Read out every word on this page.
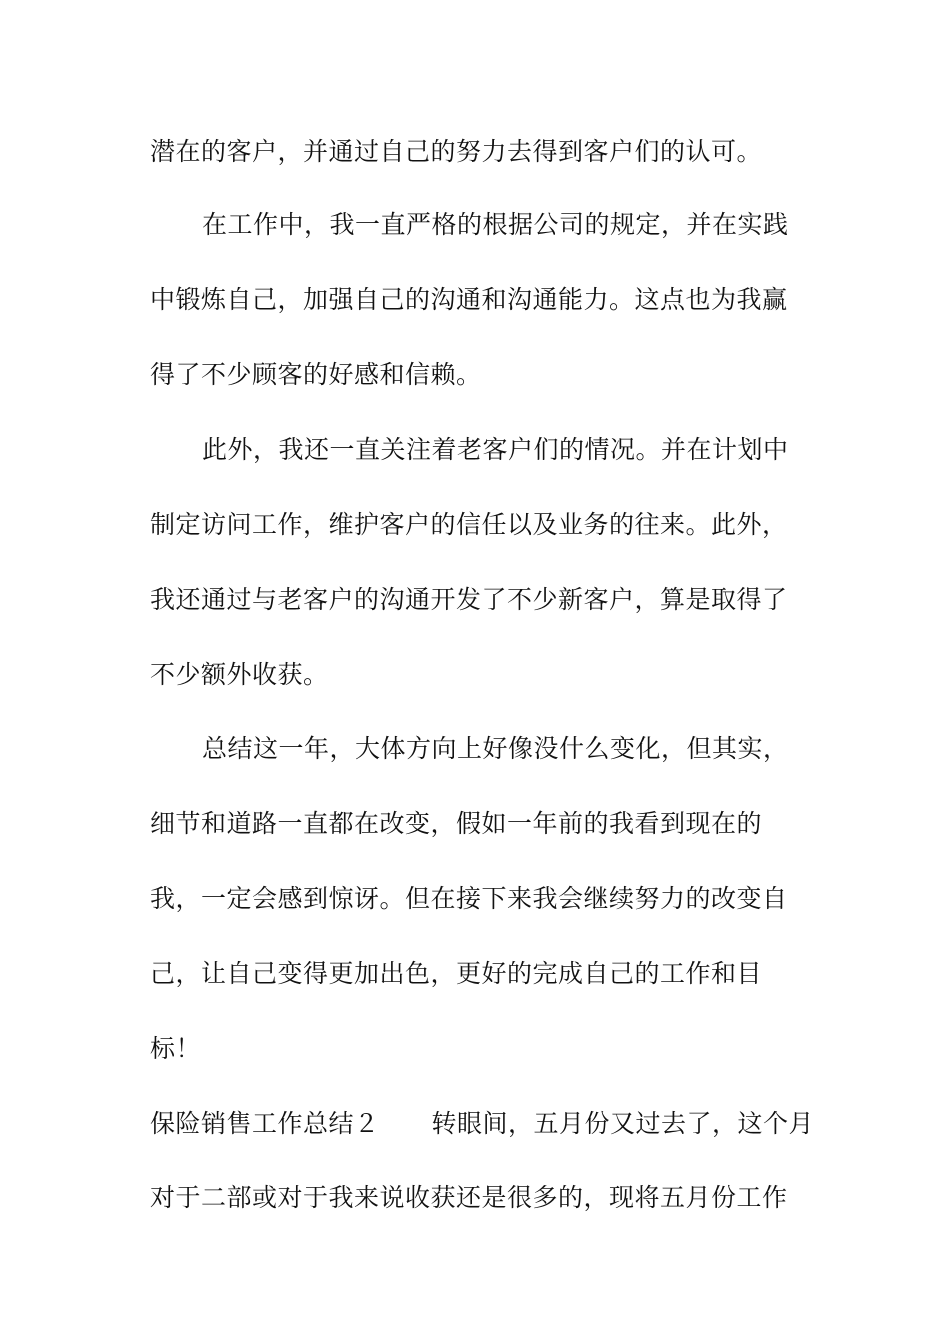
潜在的客户，并通过自己的努力去得到客户们的认可。
在工作中，我一直严格的根据公司的规定，并在实践
中锻炼自己，加强自己的沟通和沟通能力。这点也为我赢
得了不少顾客的好感和信赖。
此外，我还一直关注着老客户们的情况。并在计划中
制定访问工作，维护客户的信任以及业务的往来。此外，
我还通过与老客户的沟通开发了不少新客户，算是取得了
不少额外收获。
总结这一年，大体方向上好像没什么变化，但其实，
细节和道路一直都在改变，假如一年前的我看到现在的
我，一定会感到惊讶。但在接下来我会继续努力的改变自
己，让自己变得更加出色，更好的完成自己的工作和目
标！
保险销售工作总结２ 转眼间，五月份又过去了，这个月
对于二部或对于我来说收获还是很多的，现将五月份工作
